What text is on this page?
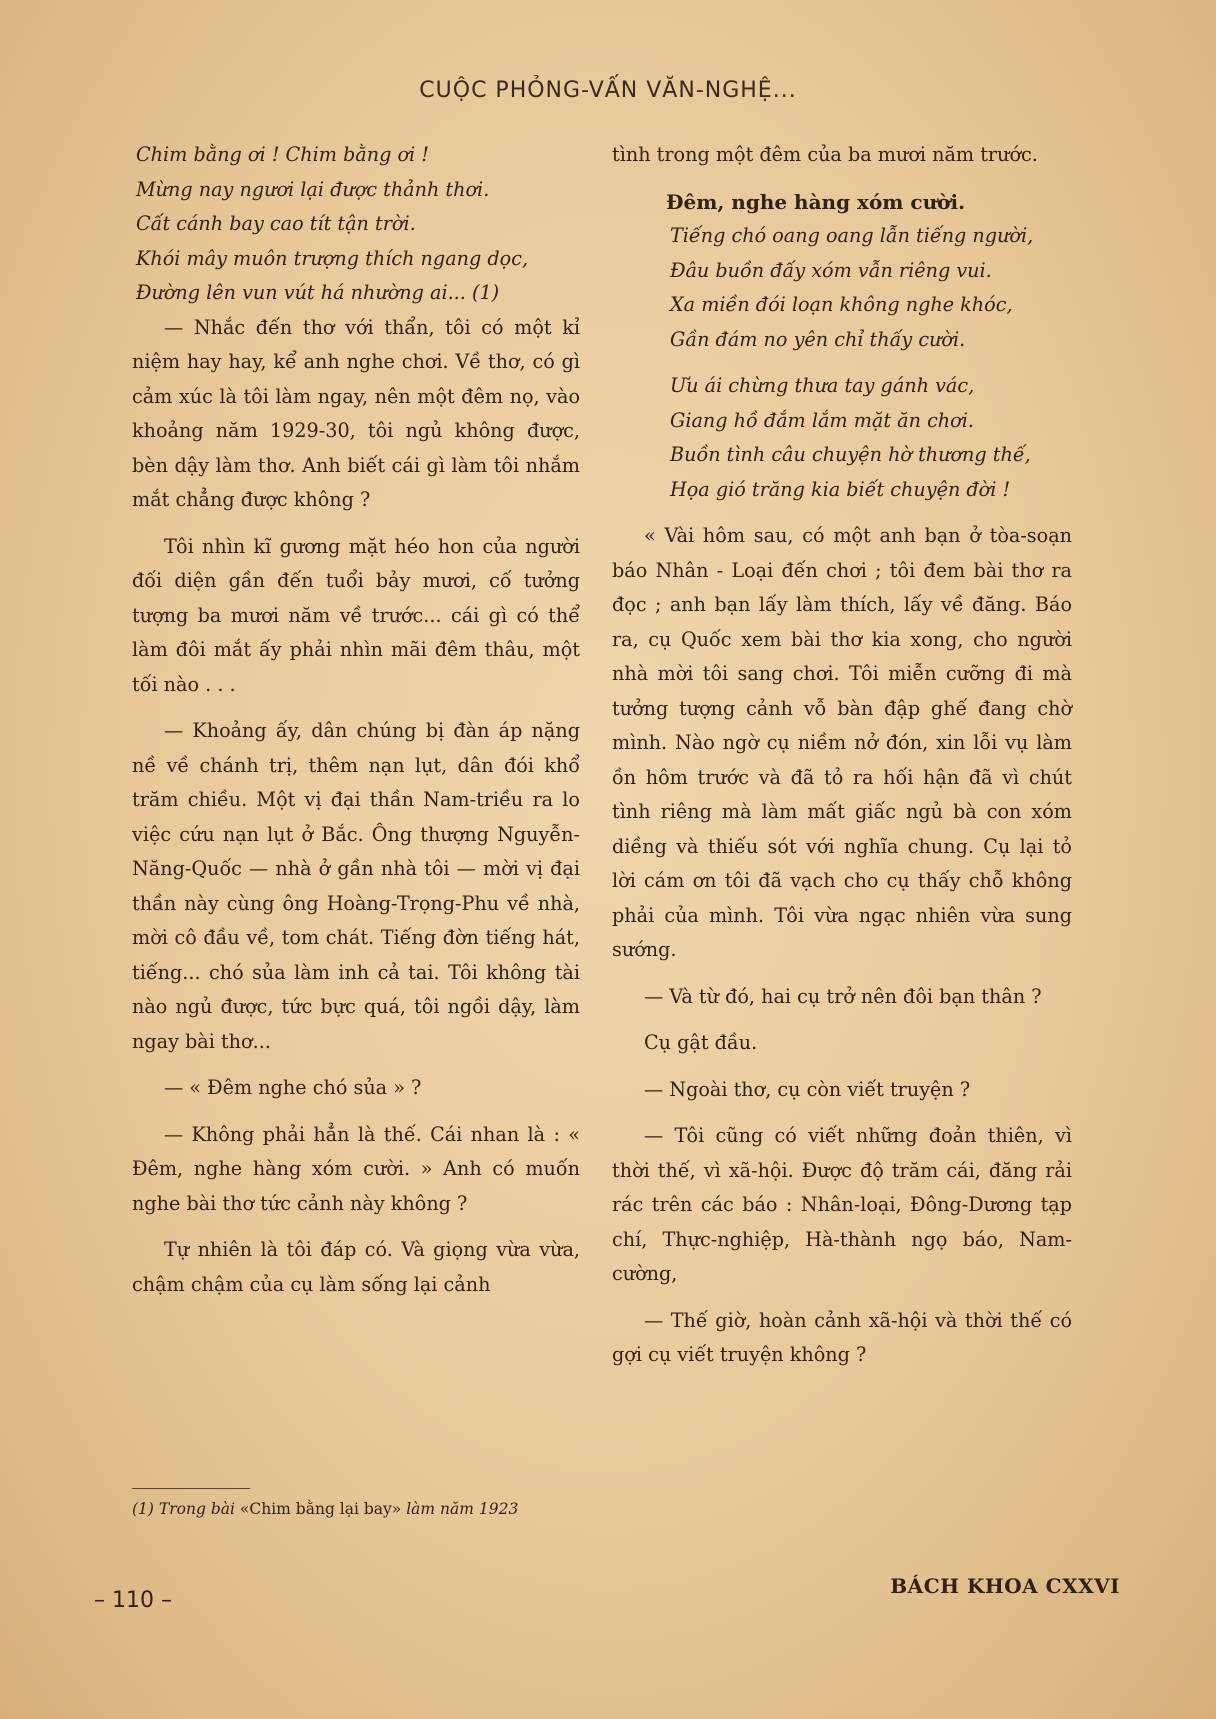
CUỘC PHỎNG-VẤN VĂN-NGHỆ...

Chim bằng ơi ! Chim bằng ơi !

Mừng nay ngươi lại được thảnh thơi.

Cất cánh bay cao tít tận trời.

Khói mây muôn trượng thích ngang dọc,

Đường lên vun vút há nhường ai... (1)

— Nhắc đến thơ với thẩn, tôi có một kỉ niệm hay hay, kể anh nghe chơi. Về thơ, có gì cảm xúc là tôi làm ngay, nên một đêm nọ, vào khoảng năm 1929-30, tôi ngủ không được, bèn dậy làm thơ. Anh biết cái gì làm tôi nhắm mắt chẳng được không ?

Tôi nhìn kĩ gương mặt héo hon của người đối diện gần đến tuổi bảy mươi, cố tưởng tượng ba mươi năm về trước... cái gì có thể làm đôi mắt ấy phải nhìn mãi đêm thâu, một tối nào . . .

— Khoảng ấy, dân chúng bị đàn áp nặng nề về chánh trị, thêm nạn lụt, dân đói khổ trăm chiều. Một vị đại thần Nam-triều ra lo việc cứu nạn lụt ở Bắc. Ông thượng Nguyễn-Năng-Quốc — nhà ở gần nhà tôi — mời vị đại thần này cùng ông Hoàng-Trọng-Phu về nhà, mời cô đầu về, tom chát. Tiếng đờn tiếng hát, tiếng... chó sủa làm inh cả tai. Tôi không tài nào ngủ được, tức bực quá, tôi ngồi dậy, làm ngay bài thơ...

— « Đêm nghe chó sủa » ?

— Không phải hẳn là thế. Cái nhan là : « Đêm, nghe hàng xóm cười. » Anh có muốn nghe bài thơ tức cảnh này không ?

Tự nhiên là tôi đáp có. Và giọng vừa vừa, chậm chậm của cụ làm sống lại cảnh

tình trong một đêm của ba mươi năm trước.

Đêm, nghe hàng xóm cười.

Tiếng chó oang oang lẫn tiếng người,

Đâu buồn đấy xóm vẫn riêng vui.

Xa miền đói loạn không nghe khóc,

Gần đám no yên chỉ thấy cười.

Ưu ái chừng thưa tay gánh vác,

Giang hồ đắm lắm mặt ăn chơi.

Buồn tình câu chuyện hờ thương thế,

Họa gió trăng kia biết chuyện đời !

« Vài hôm sau, có một anh bạn ở tòa-soạn báo Nhân - Loại đến chơi ; tôi đem bài thơ ra đọc ; anh bạn lấy làm thích, lấy về đăng. Báo ra, cụ Quốc xem bài thơ kia xong, cho người nhà mời tôi sang chơi. Tôi miễn cưỡng đi mà tưởng tượng cảnh vỗ bàn đập ghế đang chờ mình. Nào ngờ cụ niềm nở đón, xin lỗi vụ làm ồn hôm trước và đã tỏ ra hối hận đã vì chút tình riêng mà làm mất giấc ngủ bà con xóm diềng và thiếu sót với nghĩa chung. Cụ lại tỏ lời cám ơn tôi đã vạch cho cụ thấy chỗ không phải của mình. Tôi vừa ngạc nhiên vừa sung sướng.

— Và từ đó, hai cụ trở nên đôi bạn thân ?

Cụ gật đầu.

— Ngoài thơ, cụ còn viết truyện ?

— Tôi cũng có viết những đoản thiên, vì thời thế, vì xã-hội. Được độ trăm cái, đăng rải rác trên các báo : Nhân-loại, Đông-Dương tạp chí, Thực-nghiệp, Hà-thành ngọ báo, Nam-cường,

— Thế giờ, hoàn cảnh xã-hội và thời thế có gợi cụ viết truyện không ?

(1) Trong bài «Chim bằng lại bay» làm năm 1923
– 110 –
BÁCH KHOA CXXVI
